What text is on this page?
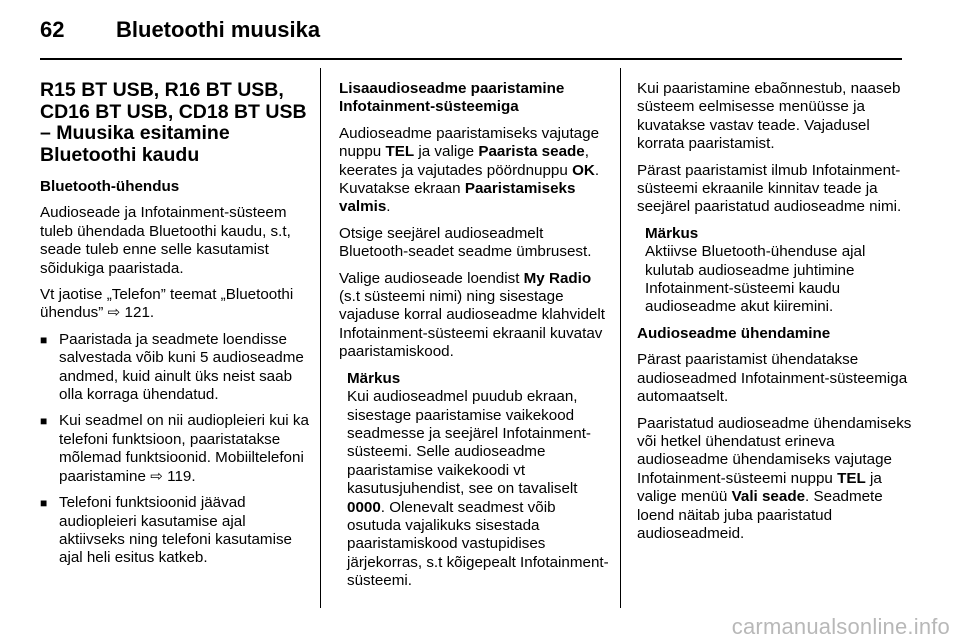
62	Bluetoothi muusika
R15 BT USB, R16 BT USB, CD16 BT USB, CD18 BT USB – Muusika esitamine Bluetoothi kaudu

Bluetooth-ühendus

Audioseade ja Infotainment-süsteem tuleb ühendada Bluetoothi kaudu, s.t, seade tuleb enne selle kasutamist sõidukiga paaristada.

Vt jaotise „Telefon” teemat „Bluetoothi ühendus” ⇨ 121.

■ Paaristada ja seadmete loendisse salvestada võib kuni 5 audioseadme andmed, kuid ainult üks neist saab olla korraga ühendatud.
■ Kui seadmel on nii audiopleieri kui ka telefoni funktsioon, paaristatakse mõlemad funktsioonid. Mobiiltelefoni paaristamine ⇨ 119.
■ Telefoni funktsioonid jäävad audiopleieri kasutamise ajal aktiivseks ning telefoni kasutamise ajal heli esitus katkeb.

Lisaaudioseadme paaristamine Infotainment-süsteemiga

Audioseadme paaristamiseks vajutage nuppu TEL ja valige Paarista seade, keerates ja vajutades pöördnuppu OK. Kuvatakse ekraan Paaristamiseks valmis.

Otsige seejärel audioseadmelt Bluetooth-seadet seadme ümbrusest.

Valige audioseade loendist My Radio (s.t süsteemi nimi) ning sisestage vajaduse korral audioseadme klahvidelt Infotainment-süsteemi ekraanil kuvatav paaristamiskood.

Märkus
Kui audioseadmel puudub ekraan, sisestage paaristamise vaikekood seadmesse ja seejärel Infotainment-süsteemi. Selle audioseadme paaristamise vaikekoodi vt kasutusjuhendist, see on tavaliselt 0000. Olenevalt seadmest võib osutuda vajalikuks sisestada paaristamiskood vastupidises järjekorras, s.t kõigepealt Infotainment-süsteemi.

Kui paaristamine ebaõnnestub, naaseb süsteem eelmisesse menüüsse ja kuvatakse vastav teade. Vajadusel korrata paaristamist.

Pärast paaristamist ilmub Infotainment-süsteemi ekraanile kinnitav teade ja seejärel paaristatud audioseadme nimi.

Märkus
Aktiivse Bluetooth-ühenduse ajal kulutab audioseadme juhtimine Infotainment-süsteemi kaudu audioseadme akut kiiremini.

Audioseadme ühendamine

Pärast paaristamist ühendatakse audioseadmed Infotainment-süsteemiga automaatselt.

Paaristatud audioseadme ühendamiseks või hetkel ühendatust erineva audioseadme ühendamiseks vajutage Infotainment-süsteemi nuppu TEL ja valige menüü Vali seade. Seadmete loend näitab juba paaristatud audioseadmeid.

carmanualsonline.info
